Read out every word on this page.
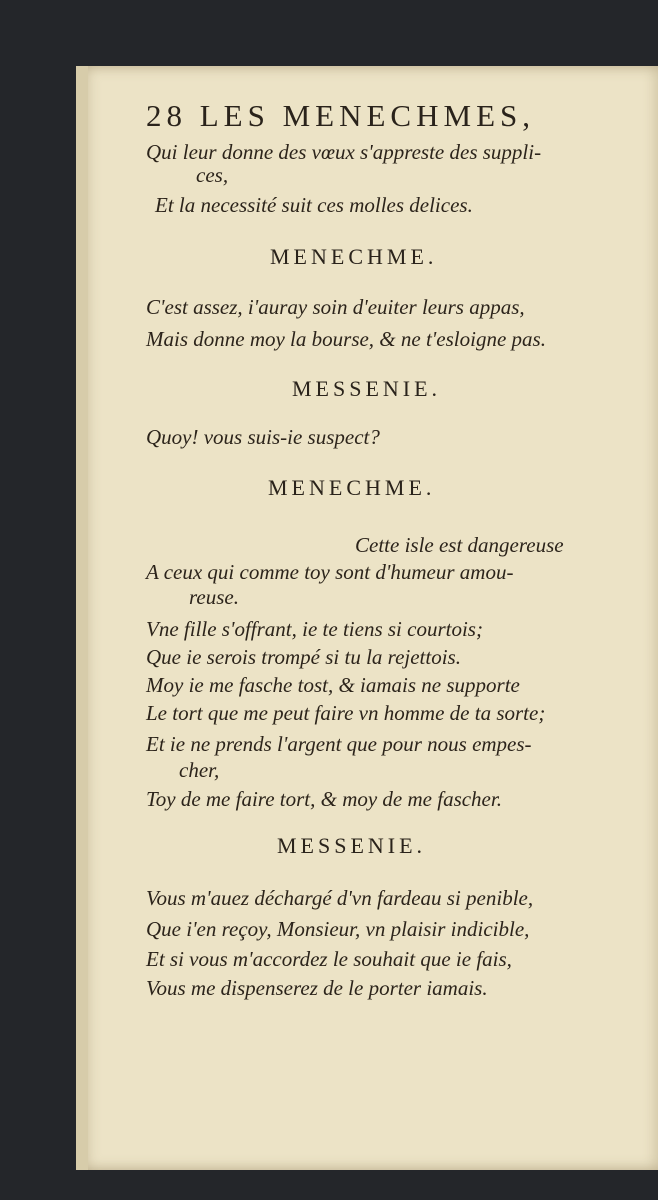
28 LES MENECHMES,
Qui leur donne des vœux s'appreste des suppli-
ces,
Et la necessité suit ces molles delices.
MENECHME.
C'est assez, i'auray soin d'euiter leurs appas,
Mais donne moy la bourse, & ne t'esloigne pas.
MESSENIE.
Quoy! vous suis-ie suspect?
MENECHME.
Cette isle est dangereuse
A ceux qui comme toy sont d'humeur amou-
reuse.
Vne fille s'offrant, ie te tiens si courtois;
Que ie serois trompé si tu la rejettois.
Moy ie me fasche tost, & iamais ne supporte
Le tort que me peut faire vn homme de ta sorte;
Et ie ne prends l'argent que pour nous empes-
cher,
Toy de me faire tort, & moy de me fascher.
MESSENIE.
Vous m'auez déchargé d'vn fardeau si penible,
Que i'en reçoy, Monsieur, vn plaisir indicible,
Et si vous m'accordez le souhait que ie fais,
Vous me dispenserez de le porter iamais.
